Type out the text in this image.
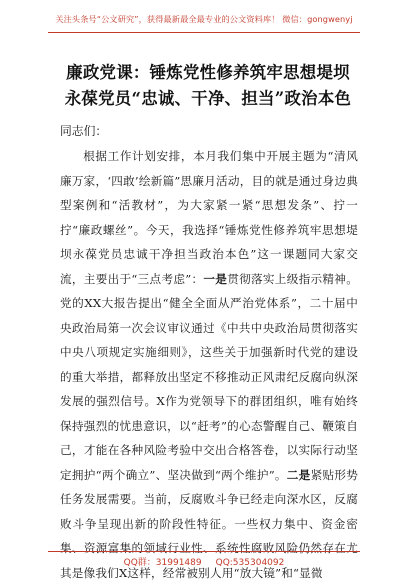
关注头条号“公文研究”，获得最新最全最专业的公文资料库！ 微信：gongwenyj
廉政党课：锤炼党性修养筑牢思想堤坝永葆党员“忠诚、干净、担当”政治本色
同志们：
根据工作计划安排，本月我们集中开展主题为“清风廉万家，‘四敢’绘新篇”思廉月活动，目的就是通过身边典型案例和“活教材”，为大家紧一紧“思想发条”、拧一拧“廉政螺丝”。今天，我选择“锤炼党性修养筑牢思想堤坝永葆党员忠诚干净担当政治本色”这一课题同大家交流，主要出于“三点考虑”：一是贯彻落实上级指示精神。党的XX大报告提出“健全全面从严治党体系”，二十届中央政治局第一次会议审议通过《中共中央政治局贯彻落实中央八项规定实施细则》，这些关于加强新时代党的建设的重大举措，都释放出坚定不移推动正风肃纪反腐向纵深发展的强烈信号。X作为党领导下的群团组织，唯有始终保持强烈的忧患意识，以“赶考”的心态警醒自己、鞭策自己，才能在各种风险考验中交出合格答卷，以实际行动坚定拥护“两个确立”、坚决做到“两个维护”。二是紧贴形势任务发展需要。当前，反腐败斗争已经走向深水区，反腐败斗争呈现出新的阶段性特征。一些权力集中、资金密集、资源富集的领域行业性、系统性腐败风险仍然存在尤其是像我们X这样，经常被别人用“放大镜”和“显微
QQ群：31991489 QQ:535304092
